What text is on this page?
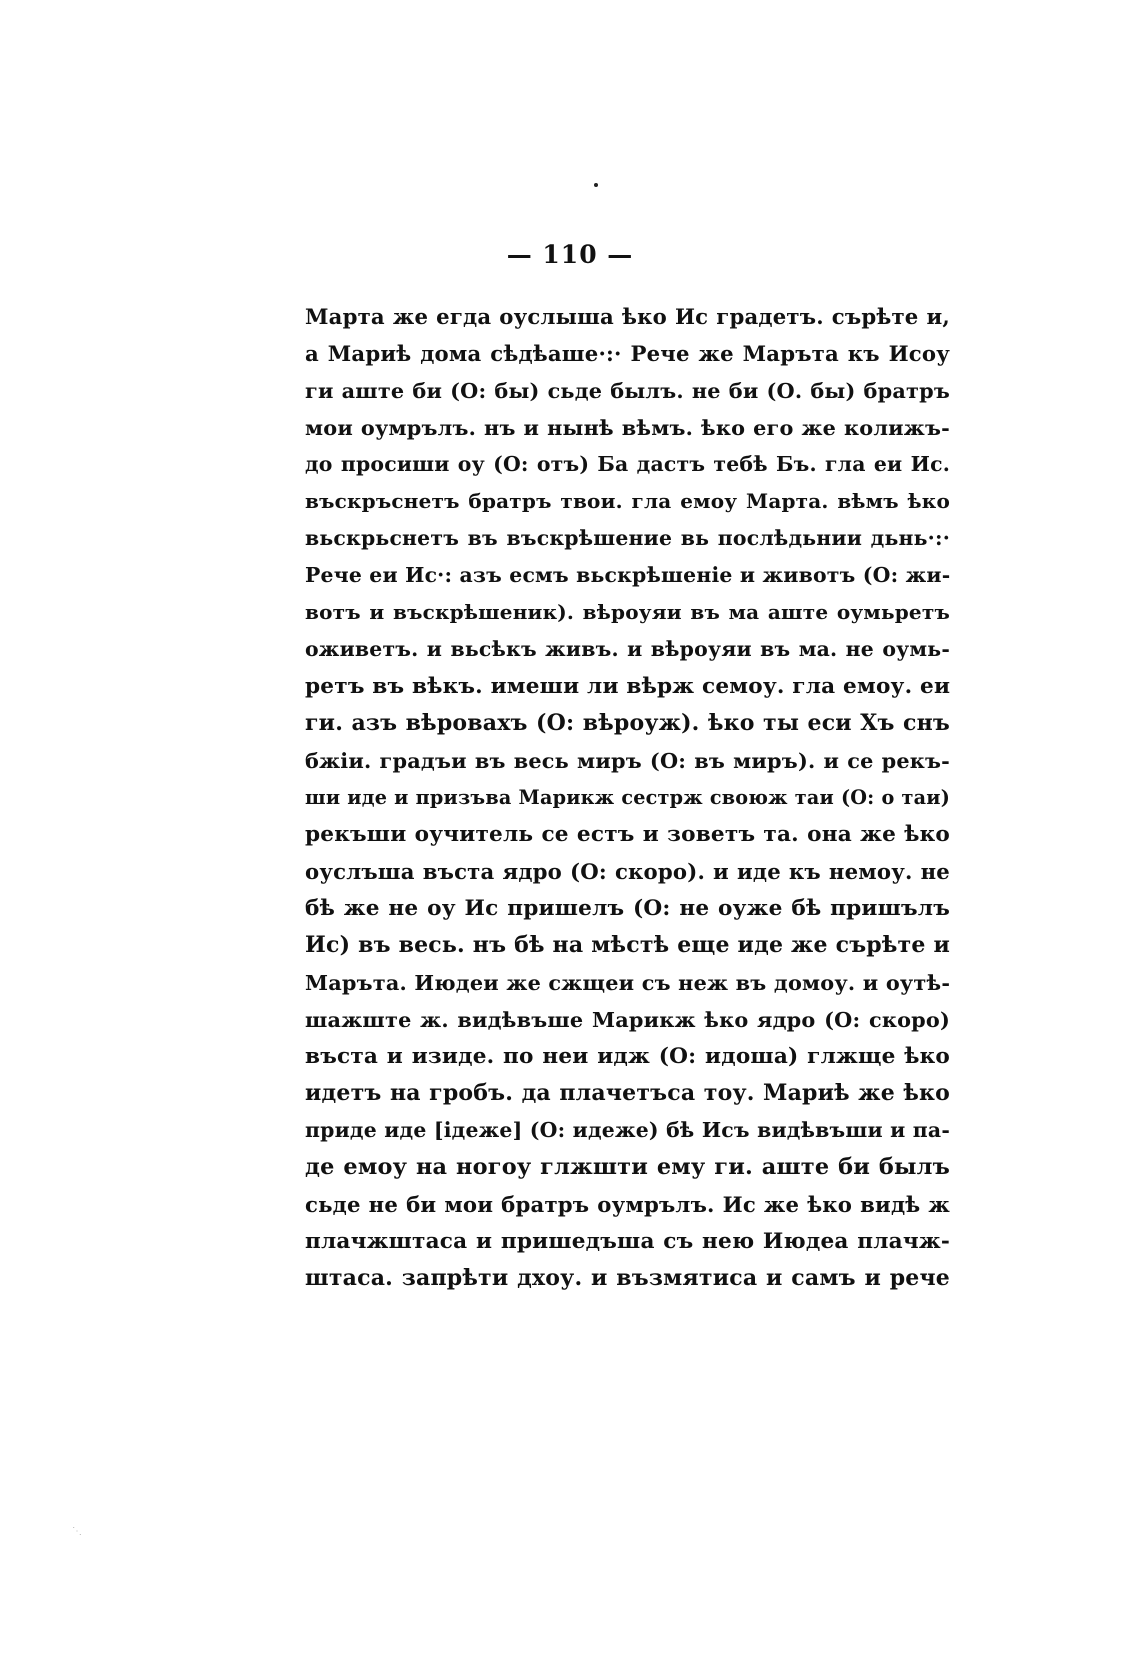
⋱
— 110 —
Марта же егда оуслыша ѣко Ис градетъ. сърѣте и,
а Мариѣ дома сѣдѣаше·:· Рече же Марътa къ Исоу
ги аште би (О: бы) сьде былъ. не би (О. бы) братръ
мои оумрълъ. нъ и нынѣ вѣмъ. ѣко его же колижъ-
до просиши оу (О: отъ) Ба дастъ тебѣ Бъ. гла еи Ис.
въскръснетъ братръ твои. гла емоу Марта. вѣмъ ѣко
вьскрьснетъ въ въскрѣшение вь послѣдьнии дьнь·:·
Рече еи Ис·: азъ есмъ вьскрѣшеніе и животъ (О: жи-
вотъ и въскрѣшеник). вѣроуяи въ ма аште оумьретъ
оживетъ. и вьсѣкъ живъ. и вѣроуяи въ ма. не оумь-
ретъ въ вѣкъ. имеши ли вѣрж семоу. гла емоу. еи
ги. азъ вѣровахъ (О: вѣроуж). ѣко ты еси Хъ снъ
бжіи. градъи въ весь миръ (О: въ миръ). и се рекъ-
ши иде и призъва Марикж сестрж своюж таи (О: о таи)
рекъши оучитель се естъ и зоветъ та. она же ѣко
оуслъша въста ядро (О: скоро). и иде къ немоу. не
бѣ же не оу Ис пришелъ (О: не оуже бѣ пришълъ
Ис) въ весь. нъ бѣ на мѣстѣ еще иде же сърѣте и
Марътa. Июдеи же сжщеи съ неж въ домоу. и оутѣ-
шажште ж. видѣвъше Марикж ѣко ядро (О: скоро)
въста и изиде. по неи идж (О: идоша) глжще ѣко
идетъ на гробъ. да плачетъса тоу. Мариѣ же ѣко
приде иде [ідеже] (О: идеже) бѣ Исъ видѣвъши и па-
де емоу на ногоу глжшти ему ги. аште би былъ
сьде не би мои братръ оумрълъ. Ис же ѣко видѣ ж
плачжштаса и пришедъша съ нею Июдеа плачж-
штаса. запрѣти дхоу. и възмятиса и самъ и рече
